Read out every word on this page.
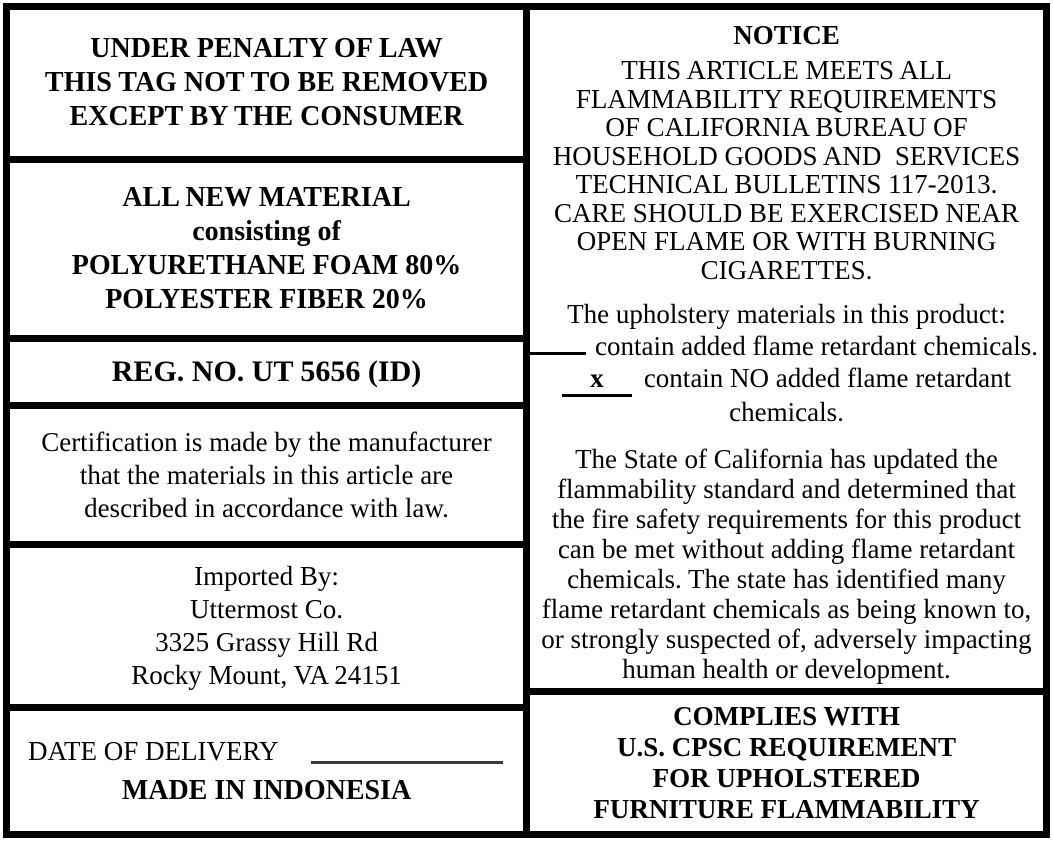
UNDER PENALTY OF LAW
THIS TAG NOT TO BE REMOVED
EXCEPT BY THE CONSUMER
ALL NEW MATERIAL
consisting of
POLYURETHANE FOAM 80%
POLYESTER FIBER 20%
REG. NO. UT 5656 (ID)
Certification is made by the manufacturer
that the materials in this article are
described in accordance with law.
Imported By:
Uttermost Co.
3325 Grassy Hill Rd
Rocky Mount, VA 24151
DATE OF DELIVERY
MADE IN INDONESIA
NOTICE
THIS ARTICLE MEETS ALL
FLAMMABILITY REQUIREMENTS
OF CALIFORNIA BUREAU OF
HOUSEHOLD GOODS AND  SERVICES
TECHNICAL BULLETINS 117-2013.
CARE SHOULD BE EXERCISED NEAR
OPEN FLAME OR WITH BURNING
CIGARETTES.
The upholstery materials in this product:
contain added flame retardant chemicals.
x contain NO added flame retardant
chemicals.
The State of California has updated the
flammability standard and determined that
the fire safety requirements for this product
can be met without adding flame retardant
chemicals. The state has identified many
flame retardant chemicals as being known to,
or strongly suspected of, adversely impacting
human health or development.
COMPLIES WITH
U.S. CPSC REQUIREMENT
FOR UPHOLSTERED
FURNITURE FLAMMABILITY
